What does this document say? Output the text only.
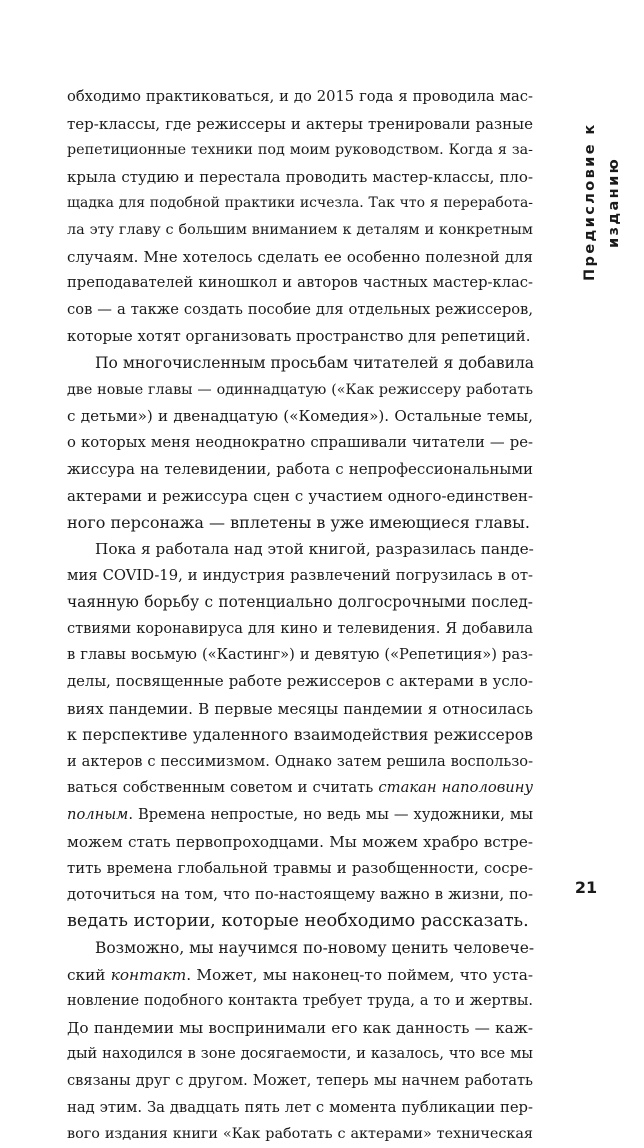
Предисловие к изданию
обходимо практиковаться, и до 2015 года я проводила мас-
тер-классы, где режиссеры и актеры тренировали разные
репетиционные техники под моим руководством. Когда я за-
крыла студию и перестала проводить мастер-классы, пло-
щадка для подобной практики исчезла. Так что я переработа-
ла эту главу с большим вниманием к деталям и конкретным
случаям. Мне хотелось сделать ее особенно полезной для
преподавателей киношкол и авторов частных мастер-клас-
сов — а также создать пособие для отдельных режиссеров,
которые хотят организовать пространство для репетиций.
По многочисленным просьбам читателей я добавила
две новые главы — одиннадцатую («Как режиссеру работать
с детьми») и двенадцатую («Комедия»). Остальные темы,
о которых меня неоднократно спрашивали читатели — ре-
жиссура на телевидении, работа с непрофессиональными
актерами и режиссура сцен с участием одного-единствен-
ного персонажа — вплетены в уже имеющиеся главы.
Пока я работала над этой книгой, разразилась панде-
мия COVID-19, и индустрия развлечений погрузилась в от-
чаянную борьбу с потенциально долгосрочными послед-
ствиями коронавируса для кино и телевидения. Я добавила
в главы восьмую («Кастинг») и девятую («Репетиция») раз-
делы, посвященные работе режиссеров с актерами в усло-
виях пандемии. В первые месяцы пандемии я относилась
к перспективе удаленного взаимодействия режиссеров
и актеров с пессимизмом. Однако затем решила воспользо-
ваться собственным советом и считать стакан наполовину
полным. Времена непростые, но ведь мы — художники, мы
можем стать первопроходцами. Мы можем храбро встре-
тить времена глобальной травмы и разобщенности, сосре-
доточиться на том, что по-настоящему важно в жизни, по-
ведать истории, которые необходимо рассказать.
Возможно, мы научимся по-новому ценить человече-
ский контакт. Может, мы наконец-то поймем, что уста-
новление подобного контакта требует труда, а то и жертвы.
До пандемии мы воспринимали его как данность — каж-
дый находился в зоне досягаемости, и казалось, что все мы
связаны друг с другом. Может, теперь мы начнем работать
над этим. За двадцать пять лет с момента публикации пер-
вого издания книги «Как работать с актерами» техническая
21
